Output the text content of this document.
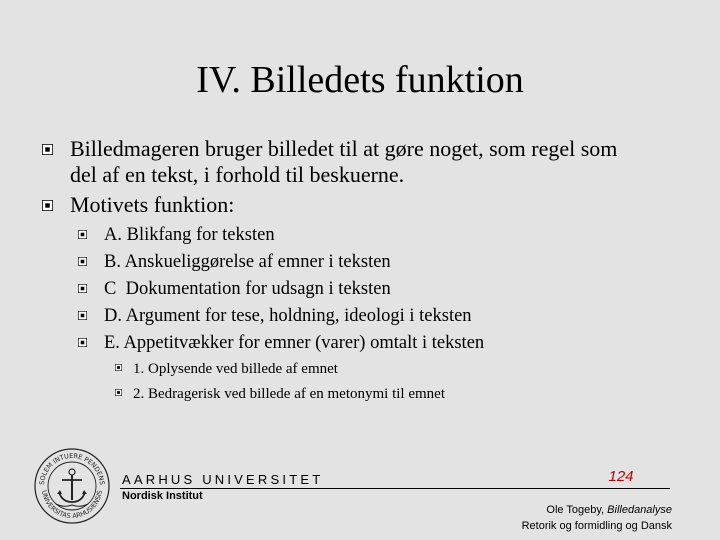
IV. Billedets funktion
Billedmageren bruger billedet til at gøre noget, som regel som
del af en tekst, i forhold til beskuerne.
Motivets funktion:
A. Blikfang for teksten
B. Anskueliggørelse af emner i teksten
C  Dokumentation for udsagn i teksten
D. Argument for tese, holdning, ideologi i teksten
E. Appetitvækker for emner (varer) omtalt i teksten
1. Oplysende ved billede af emnet
2. Bedragerisk ved billede af en metonymi til emnet
SOLEM INTUERE PENDENS
UNIVERSITAS ARHUSIENSIS
AARHUS UNIVERSITET
Nordisk Institut
124
Ole Togeby, Billedanalyse
Retorik og formidling og Dansk
